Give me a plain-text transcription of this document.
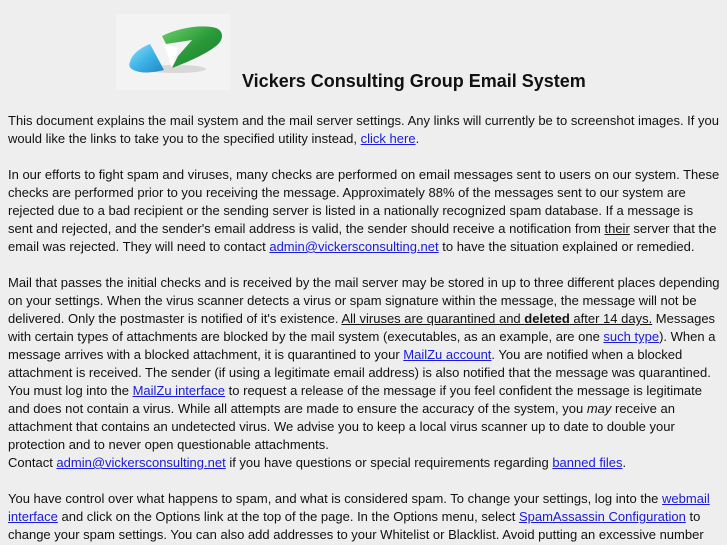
Vickers Consulting Group Email System

This document explains the mail system and the mail server settings. Any links will currently be to screenshot images. If you would like the links to take you to the specified utility instead, click here.

In our efforts to fight spam and viruses, many checks are performed on email messages sent to users on our system. These checks are performed prior to you receiving the message. Approximately 88% of the messages sent to our system are rejected due to a bad recipient or the sending server is listed in a nationally recognized spam database. If a message is sent and rejected, and the sender's email address is valid, the sender should receive a notification from their server that the email was rejected. They will need to contact admin@vickersconsulting.net to have the situation explained or remedied.

Mail that passes the initial checks and is received by the mail server may be stored in up to three different places depending on your settings. When the virus scanner detects a virus or spam signature within the message, the message will not be delivered. Only the postmaster is notified of it's existence. All viruses are quarantined and deleted after 14 days. Messages with certain types of attachments are blocked by the mail system (executables, as an example, are one such type). When a message arrives with a blocked attachment, it is quarantined to your MailZu account. You are notified when a blocked attachment is received. The sender (if using a legitimate email address) is also notified that the message was quarantined. You must log into the MailZu interface to request a release of the message if you feel confident the message is legitimate and does not contain a virus. While all attempts are made to ensure the accuracy of the system, you may receive an attachment that contains an undetected virus. We advise you to keep a local virus scanner up to date to double your protection and to never open questionable attachments.
Contact admin@vickersconsulting.net if you have questions or special requirements regarding banned files.

You have control over what happens to spam, and what is considered spam. To change your settings, log into the webmail interface and click on the Options link at the top of the page. In the Options menu, select SpamAssassin Configuration to change your spam settings. You can also add addresses to your Whitelist or Blacklist. Avoid putting an excessive number
